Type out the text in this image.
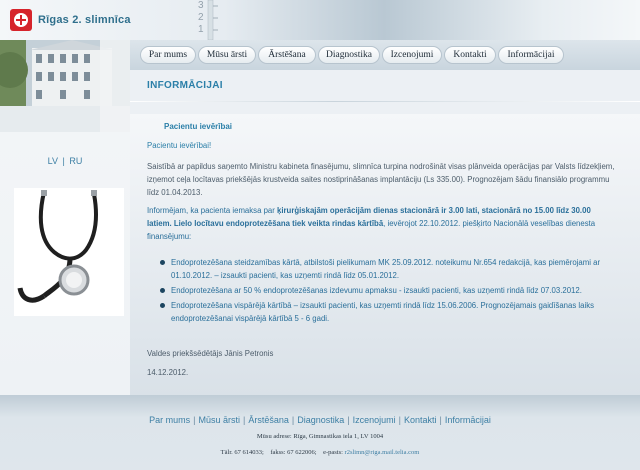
Rīgas 2. slimnīca
3
2
1
LV | RU
Par mums	Mūsu ārsti	Ārstēšana	Diagnostika	Izcenojumi	Kontakti	Informācijai
INFORMĀCIJAI
Pacientu ievērībai
Pacientu ievērībai!
Saistībā ar papildus saņemto Ministru kabineta finasējumu, slimnīca turpina nodrošināt visas plānveida operācijas par Valsts līdzekļiem, izņemot ceļa locītavas priekšējās krustveida saites nostiprināšanas implantāciju (Ls 335.00). Prognozējam šādu finansiālo programmu līdz 01.04.2013.
Informējam, ka pacienta iemaksa par ķirurģiskajām operācijām dienas stacionārā ir 3.00 lati, stacionārā no 15.00 līdz 30.00 latiem. Lielo locītavu endoprotezēšana tiek veikta rindas kārtībā, ievērojot 22.10.2012. piešķirto Nacionālā veselības dienesta finansējumu:
Endoprotezēšana steidzamības kārtā, atbilstoši pielikumam MK 25.09.2012. noteikumu Nr.654 redakcijā, kas piemērojami ar 01.10.2012. – izsaukti pacienti, kas uzņemti rindā līdz 05.01.2012.
Endoprotezēšana ar 50 % endoprotezēšanas izdevumu apmaksu - izsaukti pacienti, kas uzņemti rindā līdz 07.03.2012.
Endoprotezēšana vispārējā kārtībā – izsaukti pacienti, kas uzņemti rindā līdz 15.06.2006. Prognozējamais gaidīšanas laiks endoprotezēšanai vispārējā kārtībā 5 - 6 gadi.
Valdes priekšsēdētājs Jānis Petronis
14.12.2012.
Par mums | Mūsu ārsti | Ārstēšana | Diagnostika | Izcenojumi | Kontakti | Informācijai
Mūsu adrese: Rīga, Gimnastikas iela 1, LV 1004
Tālr. 67 614033; fakss: 67 622006; e-pasts: r2slimn@riga.mail.telia.com
